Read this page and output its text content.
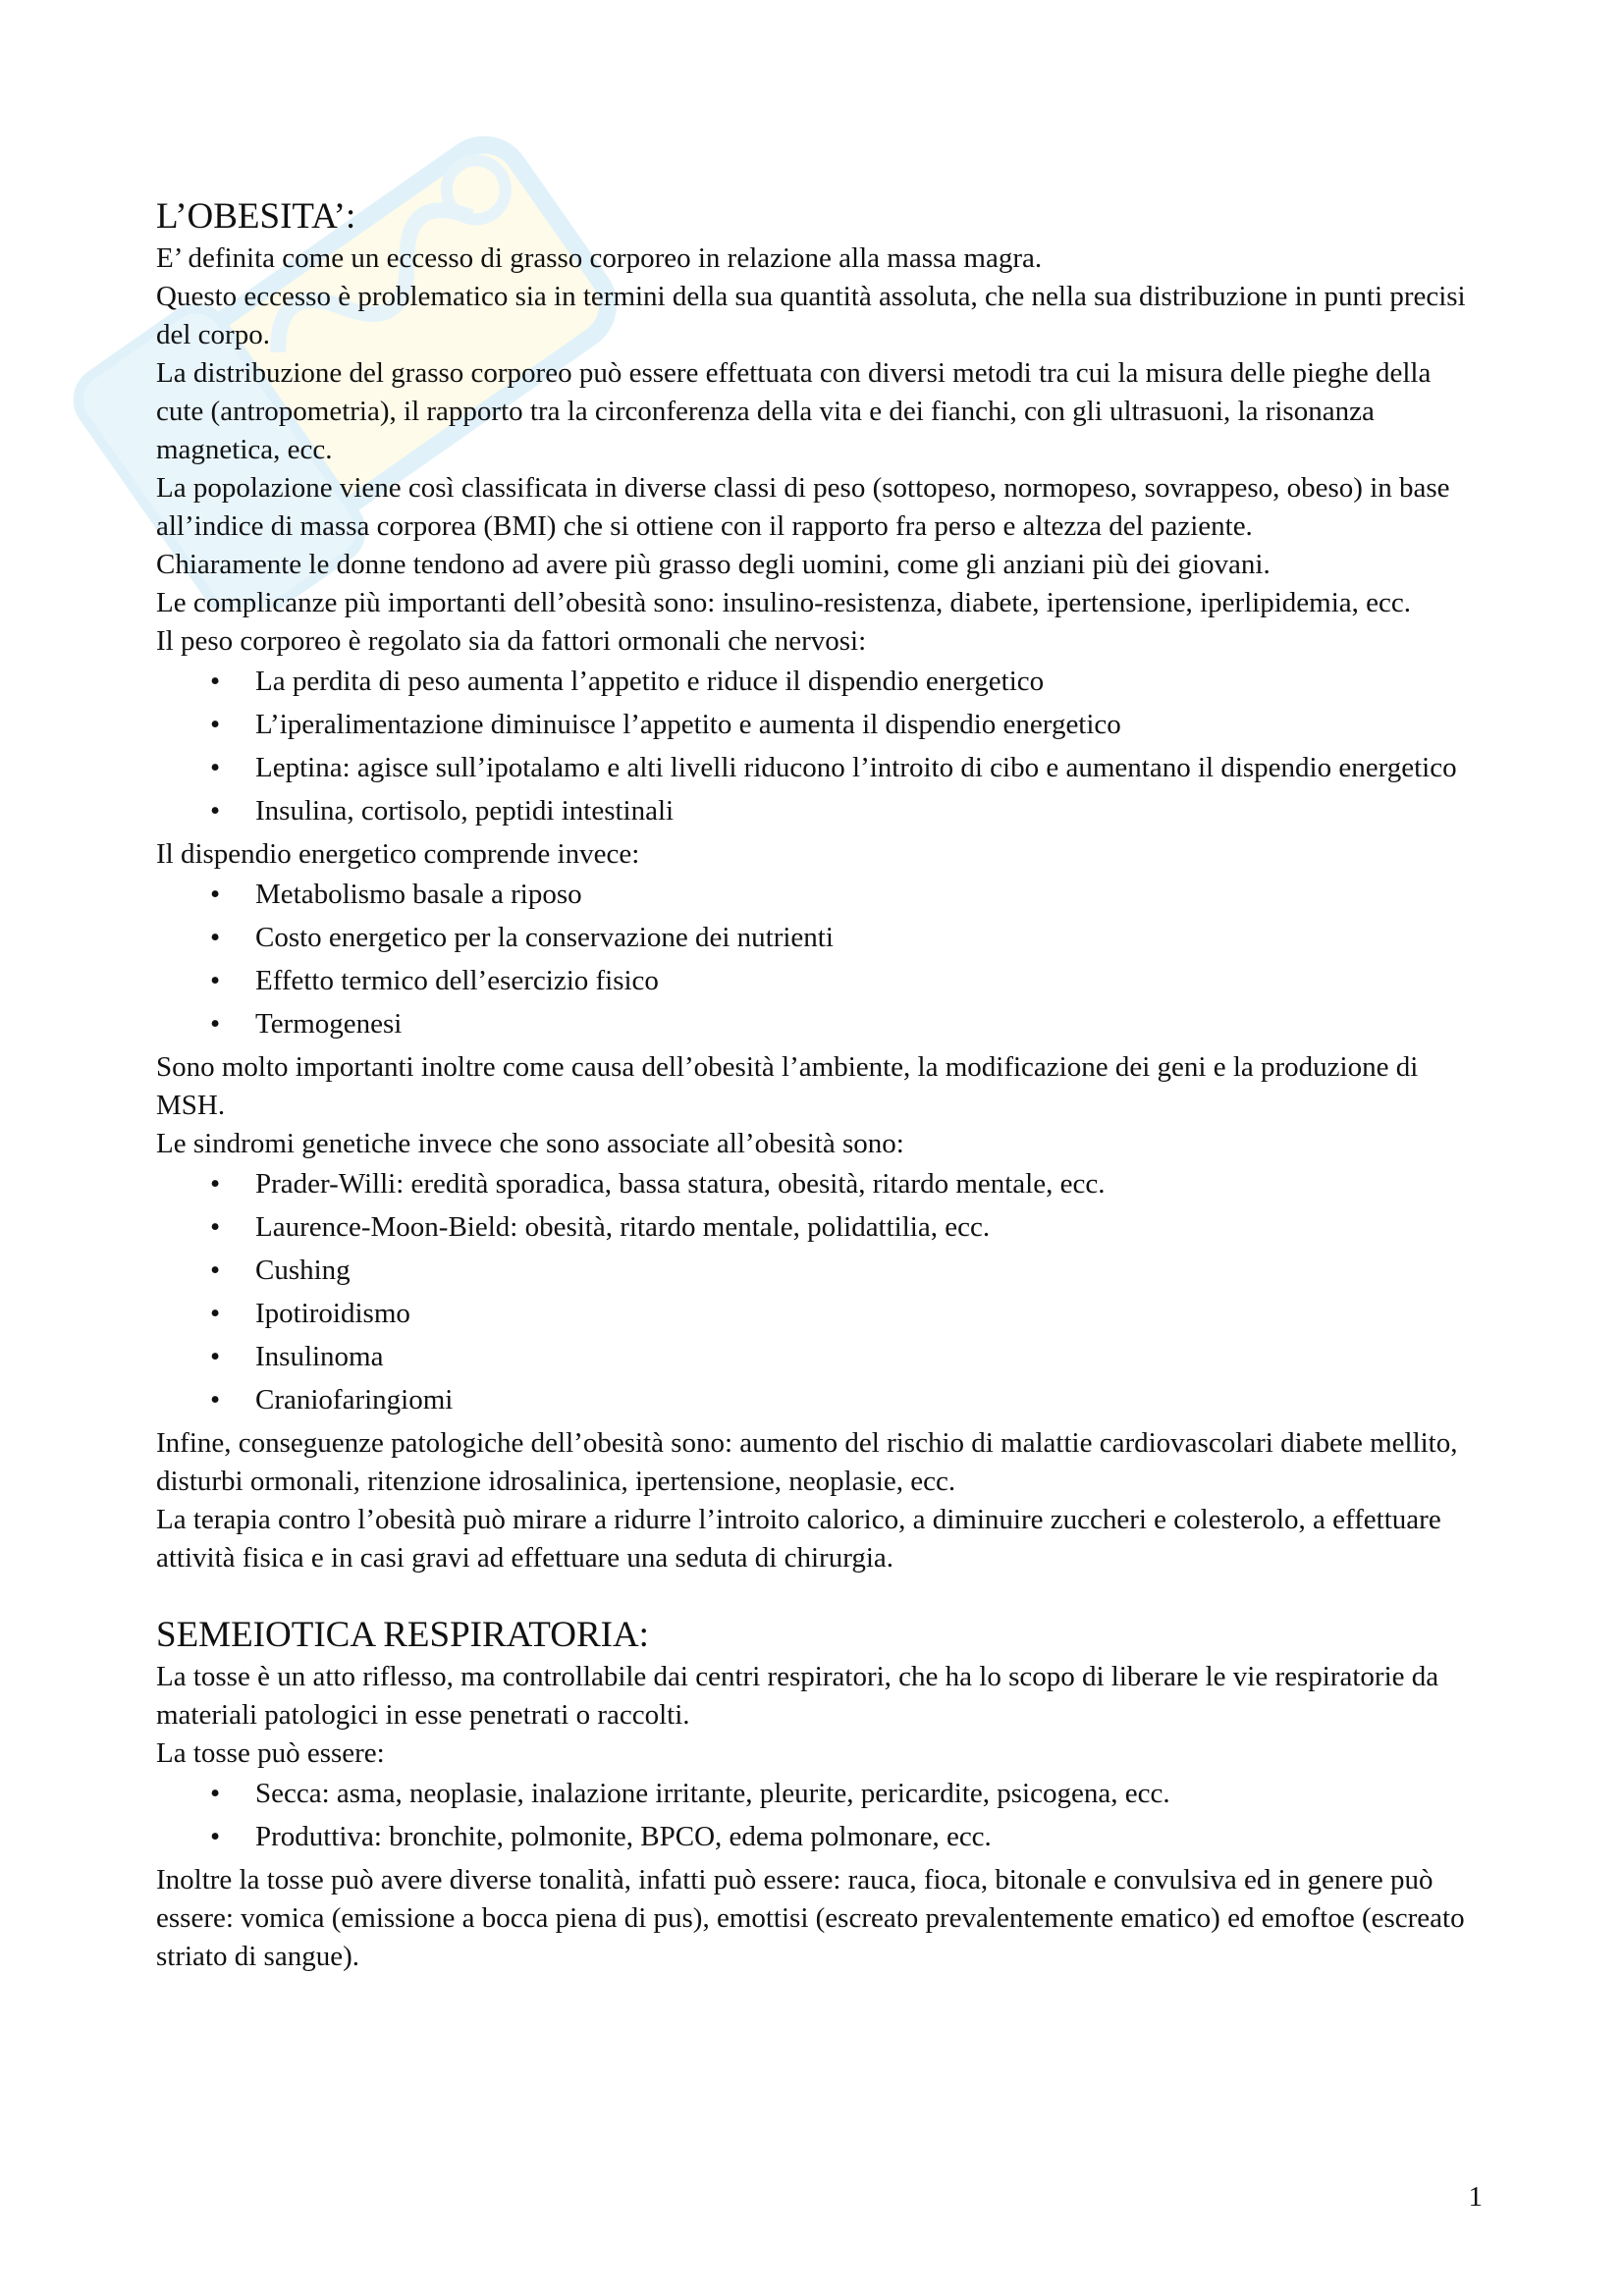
L’OBESITA’:

E’ definita come un eccesso di grasso corporeo in relazione alla massa magra.

Questo eccesso è problematico sia in termini della sua quantità assoluta, che nella sua distribuzione in punti precisi del corpo.

La distribuzione del grasso corporeo può essere effettuata con diversi metodi tra cui la misura delle pieghe della cute (antropometria), il rapporto tra la circonferenza della vita e dei fianchi, con gli ultrasuoni, la risonanza magnetica, ecc.

La popolazione viene così classificata in diverse classi di peso (sottopeso, normopeso, sovrappeso, obeso) in base all’indice di massa corporea (BMI) che si ottiene con il rapporto fra perso e altezza del paziente.

Chiaramente le donne tendono ad avere più grasso degli uomini, come gli anziani più dei giovani.

Le complicanze più importanti dell’obesità sono: insulino-resistenza, diabete, ipertensione, iperlipidemia, ecc.

Il peso corporeo è regolato sia da fattori ormonali che nervosi:

• La perdita di peso aumenta l’appetito e riduce il dispendio energetico
• L’iperalimentazione diminuisce l’appetito e aumenta il dispendio energetico
• Leptina: agisce sull’ipotalamo e alti livelli riducono l’introito di cibo e aumentano il dispendio energetico
• Insulina, cortisolo, peptidi intestinali

Il dispendio energetico comprende invece:

• Metabolismo basale a riposo
• Costo energetico per la conservazione dei nutrienti
• Effetto termico dell’esercizio fisico
• Termogenesi

Sono molto importanti inoltre come causa dell’obesità l’ambiente, la modificazione dei geni e la produzione di MSH.

Le sindromi genetiche invece che sono associate all’obesità sono:

• Prader-Willi: eredità sporadica, bassa statura, obesità, ritardo mentale, ecc.
• Laurence-Moon-Bield: obesità, ritardo mentale, polidattilia, ecc.
• Cushing
• Ipotiroidismo
• Insulinoma
• Craniofaringiomi

Infine, conseguenze patologiche dell’obesità sono: aumento del rischio di malattie cardiovascolari diabete mellito, disturbi ormonali, ritenzione idrosalinica, ipertensione, neoplasie, ecc.

La terapia contro l’obesità può mirare a ridurre l’introito calorico, a diminuire zuccheri e colesterolo, a effettuare attività fisica e in casi gravi ad effettuare una seduta di chirurgia.

SEMEIOTICA RESPIRATORIA:

La tosse è un atto riflesso, ma controllabile dai centri respiratori, che ha lo scopo di liberare le vie respiratorie da materiali patologici in esse penetrati o raccolti.

La tosse può essere:

• Secca: asma, neoplasie, inalazione irritante, pleurite, pericardite, psicogena, ecc.
• Produttiva: bronchite, polmonite, BPCO, edema polmonare, ecc.

Inoltre la tosse può avere diverse tonalità, infatti può essere: rauca, fioca, bitonale e convulsiva ed in genere può essere: vomica (emissione a bocca piena di pus), emottisi (escreato prevalentemente ematico) ed emoftoe (escreato striato di sangue).

1
